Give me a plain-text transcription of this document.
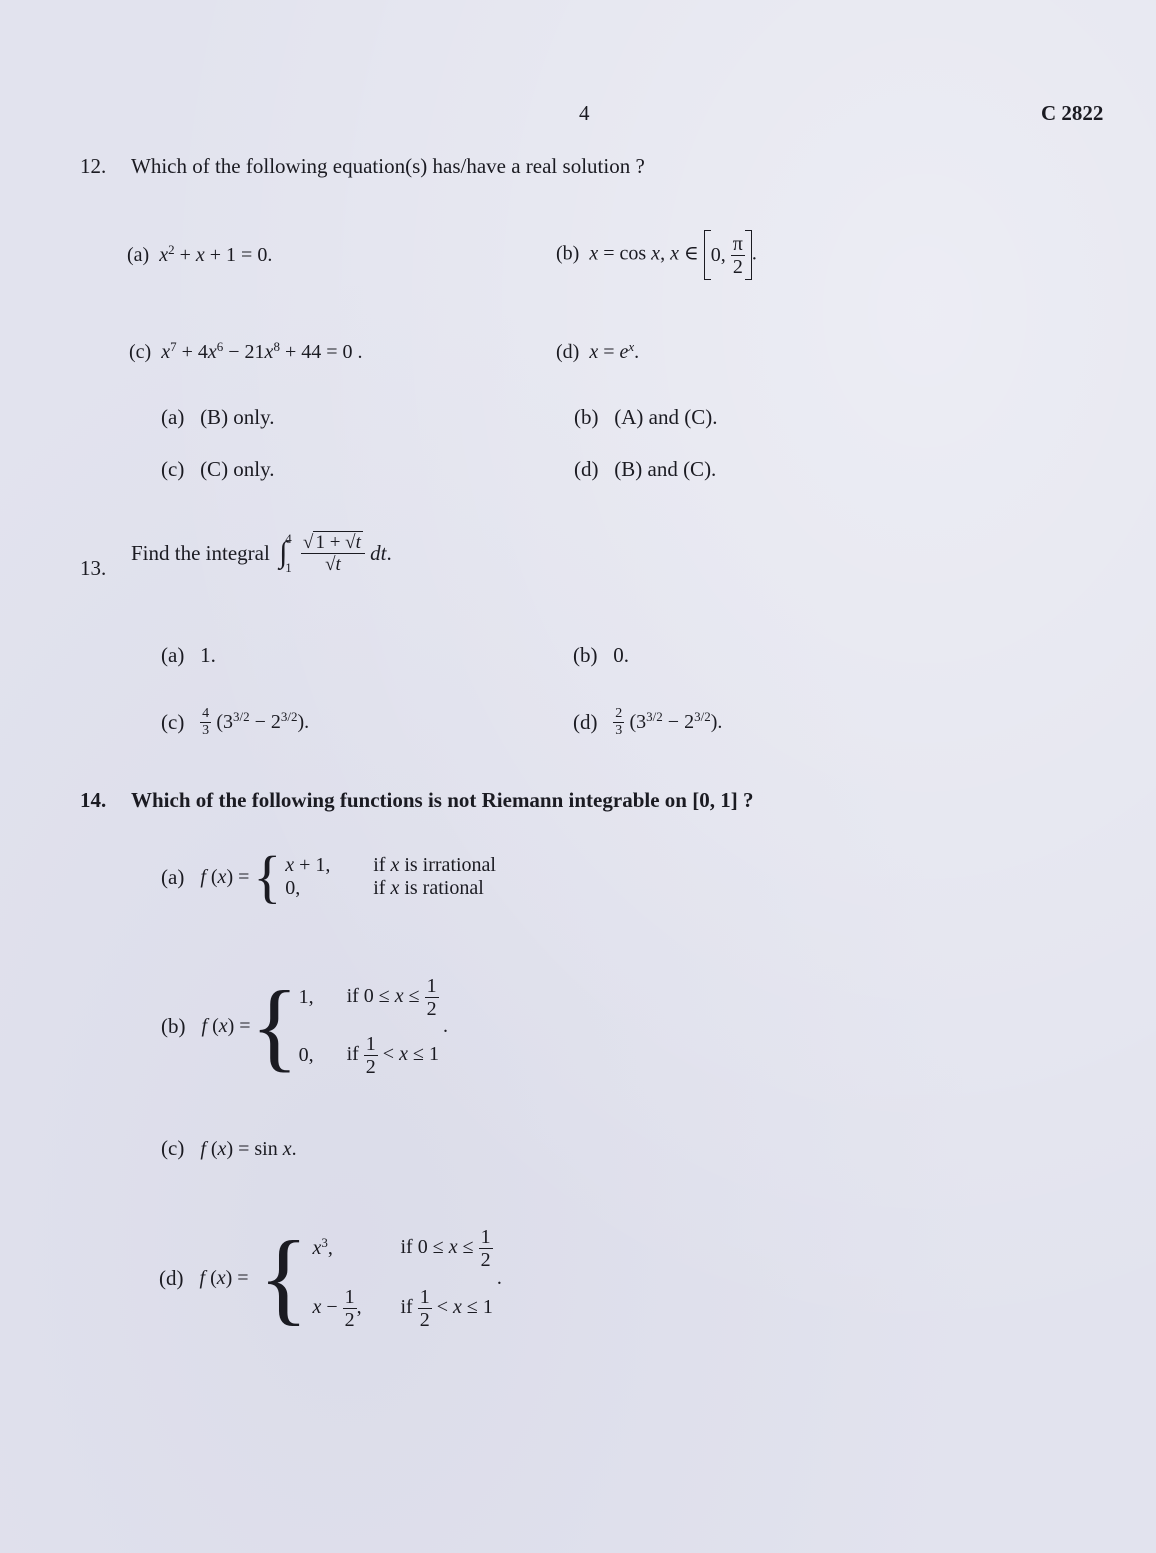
4	C 2822
12. Which of the following equation(s) has/have a real solution ?
(a) $x^2 + x + 1 = 0$.	(b) x = cos x, x ∈ 0, $\frac{\pi}{2}$ .
(c) $x^7 + 4x^6 - 21x^8 + 44 = 0$ .	(d) $x = e^x$.
(a) (B) only.	(b) (A) and (C).
(c) (C) only.	(d) (B) and (C).
13.
Find the integral ∫4

$1 \frac{√ 1 + √t}{√t}$ dt.
(a) 1.	(b) 0.
$(c) \frac{4}{3} (3^{3/2} - 2^{3/2})$.	$(d) \frac{2}{3} (3^{3/2} - 2^{3/2})$.
14. Which of the following functions is not Riemann integrable on [0, 1] ?
(a) f (x) = { x + 1,	if x is irrational
0,	if x is rational
(b) f (x) = { 1,	if $0 \le x \le \frac{1}{2}$

0,	if $\frac{1}{2} < x \le 1$
.
(c) f (x) = sin x.
(d) f (x) = { $x^3$,	if $0 \le x \le \frac{1}{2}$

$x - \frac{1}{2}$ ,	if $\frac{1}{2} < x \le 1$
.
